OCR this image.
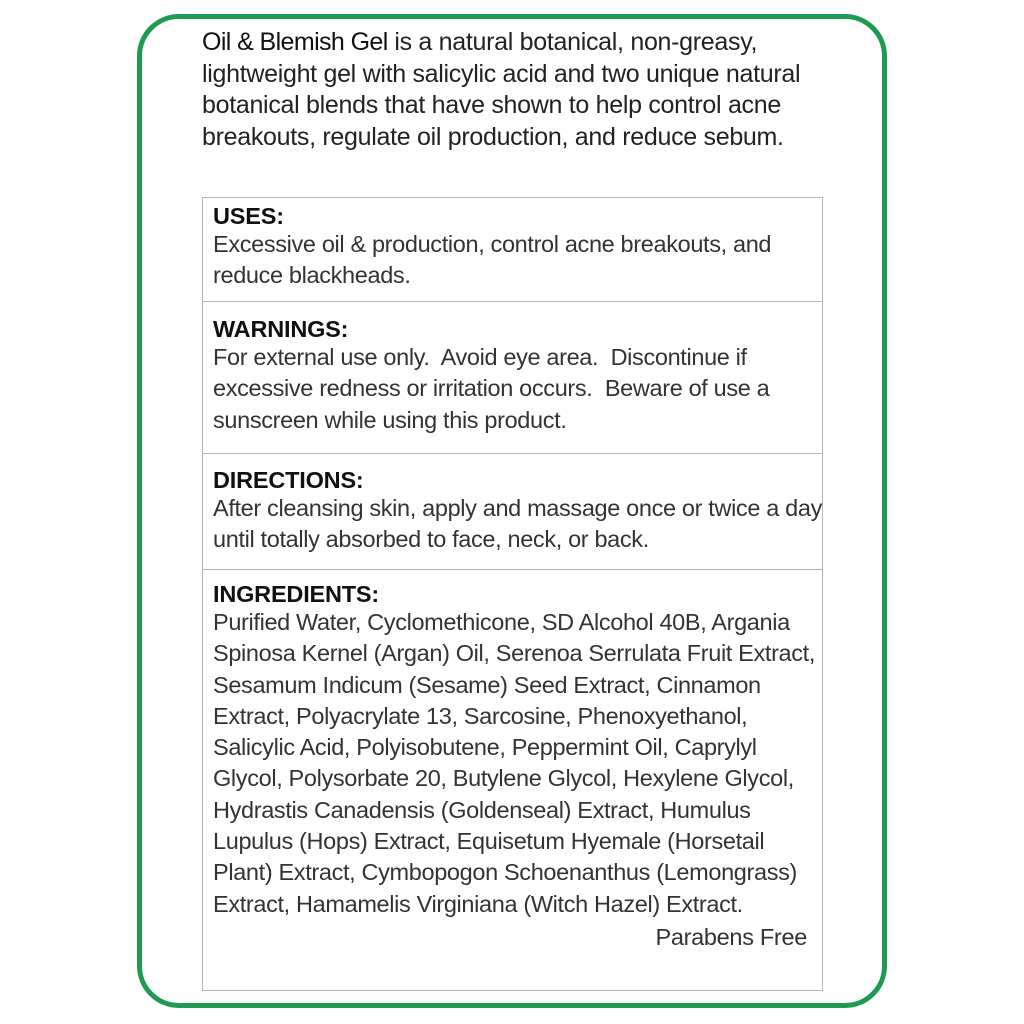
Oil & Blemish Gel is a natural botanical, non-greasy, lightweight gel with salicylic acid and two unique natural botanical blends that have shown to help control acne breakouts, regulate oil production, and reduce sebum.
USES:

Excessive oil & production, control acne breakouts, and reduce blackheads.

WARNINGS:

For external use only.  Avoid eye area.  Discontinue if excessive redness or irritation occurs.  Beware of use a sunscreen while using this product.

DIRECTIONS:

After cleansing skin, apply and massage once or twice a day until totally absorbed to face, neck, or back.

INGREDIENTS:

Purified Water, Cyclomethicone, SD Alcohol 40B, Argania Spinosa Kernel (Argan) Oil, Serenoa Serrulata Fruit Extract, Sesamum Indicum (Sesame) Seed Extract, Cinnamon Extract, Polyacrylate 13, Sarcosine, Phenoxyethanol, Salicylic Acid, Polyisobutene, Peppermint Oil, Caprylyl Glycol, Polysorbate 20, Butylene Glycol, Hexylene Glycol, Hydrastis Canadensis (Goldenseal) Extract, Humulus Lupulus (Hops) Extract, Equisetum Hyemale (Horsetail Plant) Extract, Cymbopogon Schoenanthus (Lemongrass) Extract, Hamamelis Virginiana (Witch Hazel) Extract.

Parabens Free
